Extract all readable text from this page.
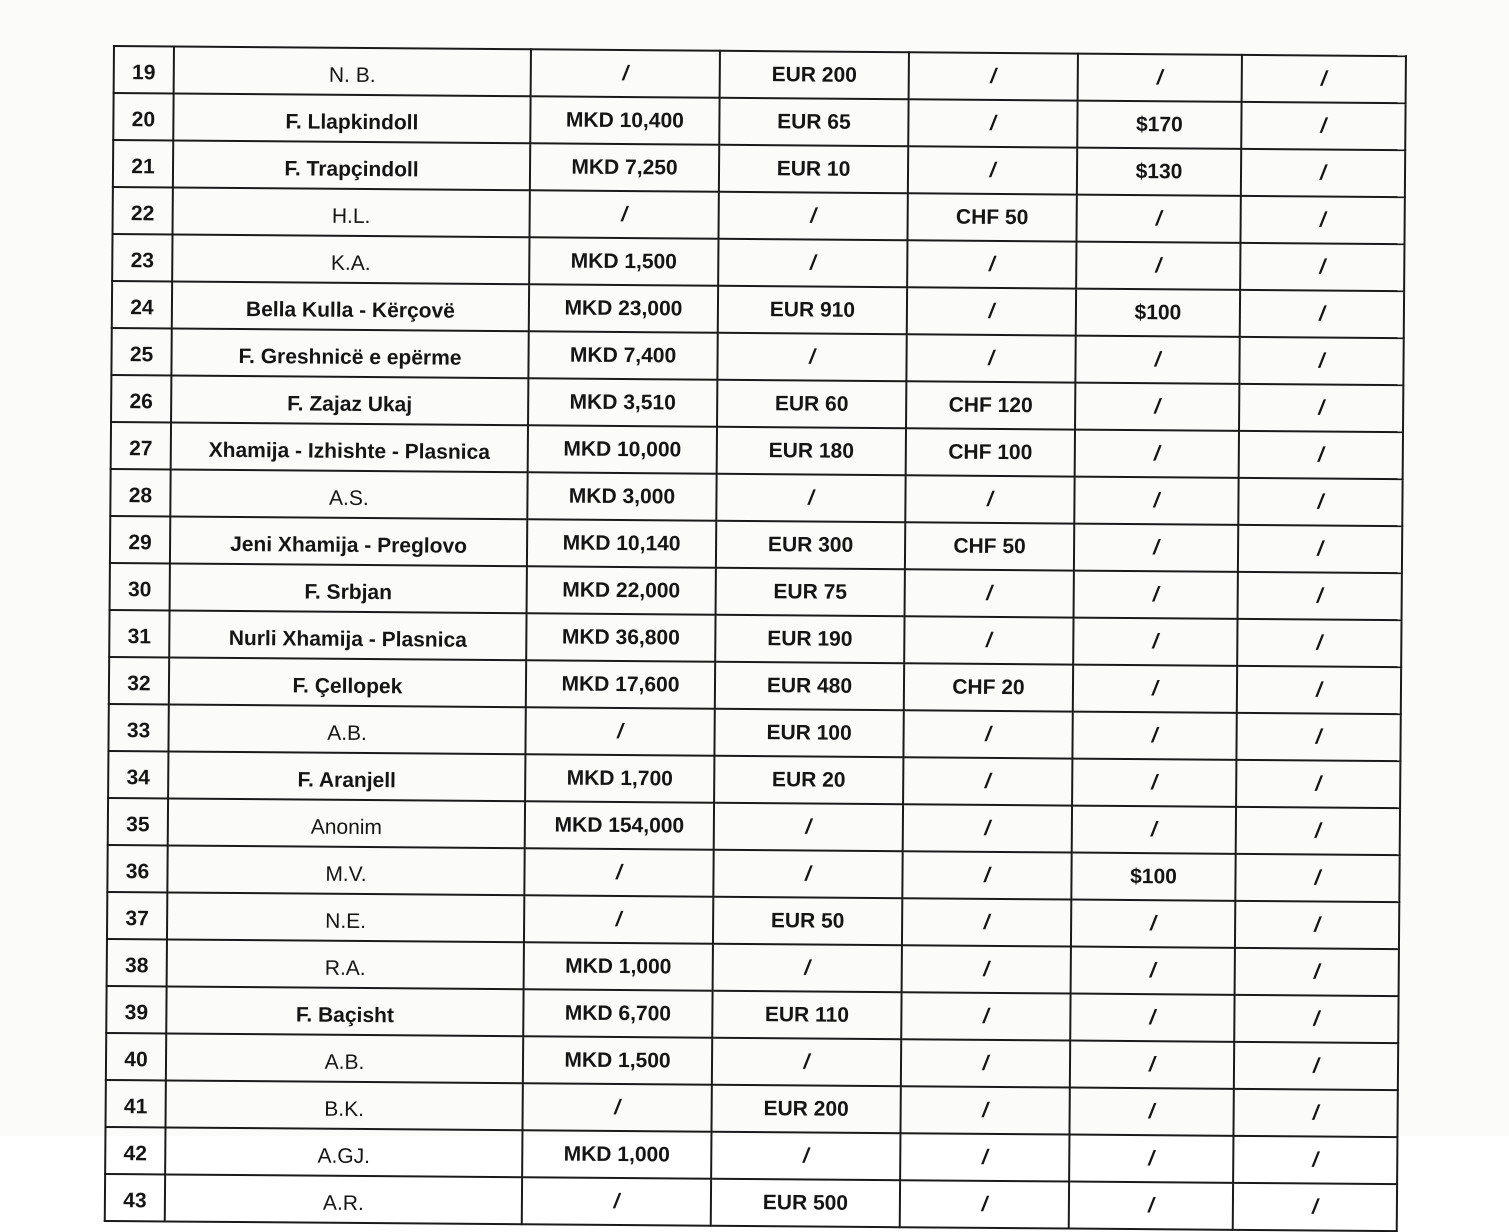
19	N. B.	/	EUR 200	/	/	/
20	F. Llapkindoll	MKD 10,400	EUR 65	/	$170	/
21	F. Trapçindoll	MKD 7,250	EUR 10	/	$130	/
22	H.L.	/	/	CHF 50	/	/
23	K.A.	MKD 1,500	/	/	/	/
24	Bella Kulla - Kërçovë	MKD 23,000	EUR 910	/	$100	/
25	F. Greshnicë e epërme	MKD 7,400	/	/	/	/
26	F. Zajaz Ukaj	MKD 3,510	EUR 60	CHF 120	/	/
27	Xhamija - Izhishte - Plasnica	MKD 10,000	EUR 180	CHF 100	/	/
28	A.S.	MKD 3,000	/	/	/	/
29	Jeni Xhamija - Preglovo	MKD 10,140	EUR 300	CHF 50	/	/
30	F. Srbjan	MKD 22,000	EUR 75	/	/	/
31	Nurli Xhamija - Plasnica	MKD 36,800	EUR 190	/	/	/
32	F. Çellopek	MKD 17,600	EUR 480	CHF 20	/	/
33	A.B.	/	EUR 100	/	/	/
34	F. Aranjell	MKD 1,700	EUR 20	/	/	/
35	Anonim	MKD 154,000	/	/	/	/
36	M.V.	/	/	/	$100	/
37	N.E.	/	EUR 50	/	/	/
38	R.A.	MKD 1,000	/	/	/	/
39	F. Baçisht	MKD 6,700	EUR 110	/	/	/
40	A.B.	MKD 1,500	/	/	/	/
41	B.K.	/	EUR 200	/	/	/
42	A.GJ.	MKD 1,000	/	/	/	/
43	A.R.	/	EUR 500	/	/	/
